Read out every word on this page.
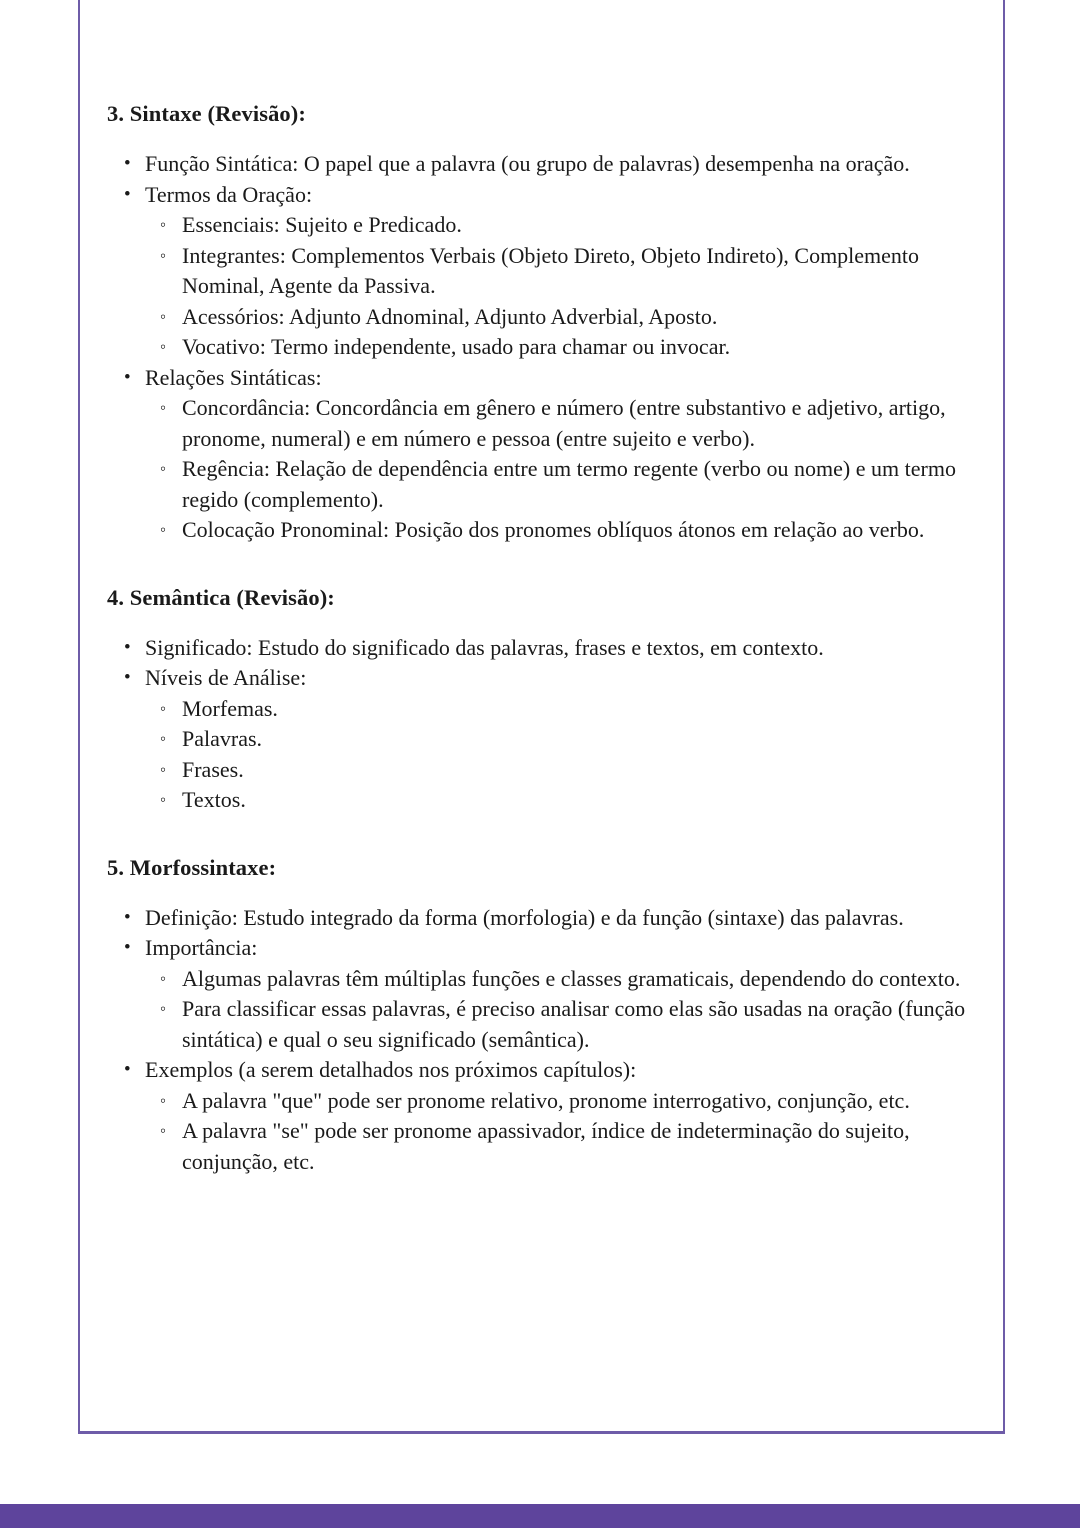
3. Sintaxe (Revisão):
Função Sintática: O papel que a palavra (ou grupo de palavras) desempenha na oração.
Termos da Oração:
Essenciais: Sujeito e Predicado.
Integrantes: Complementos Verbais (Objeto Direto, Objeto Indireto), Complemento Nominal, Agente da Passiva.
Acessórios: Adjunto Adnominal, Adjunto Adverbial, Aposto.
Vocativo: Termo independente, usado para chamar ou invocar.
Relações Sintáticas:
Concordância: Concordância em gênero e número (entre substantivo e adjetivo, artigo, pronome, numeral) e em número e pessoa (entre sujeito e verbo).
Regência: Relação de dependência entre um termo regente (verbo ou nome) e um termo regido (complemento).
Colocação Pronominal: Posição dos pronomes oblíquos átonos em relação ao verbo.
4. Semântica (Revisão):
Significado: Estudo do significado das palavras, frases e textos, em contexto.
Níveis de Análise:
Morfemas.
Palavras.
Frases.
Textos.
5. Morfossintaxe:
Definição: Estudo integrado da forma (morfologia) e da função (sintaxe) das palavras.
Importância:
Algumas palavras têm múltiplas funções e classes gramaticais, dependendo do contexto.
Para classificar essas palavras, é preciso analisar como elas são usadas na oração (função sintática) e qual o seu significado (semântica).
Exemplos (a serem detalhados nos próximos capítulos):
A palavra "que" pode ser pronome relativo, pronome interrogativo, conjunção, etc.
A palavra "se" pode ser pronome apassivador, índice de indeterminação do sujeito, conjunção, etc.
